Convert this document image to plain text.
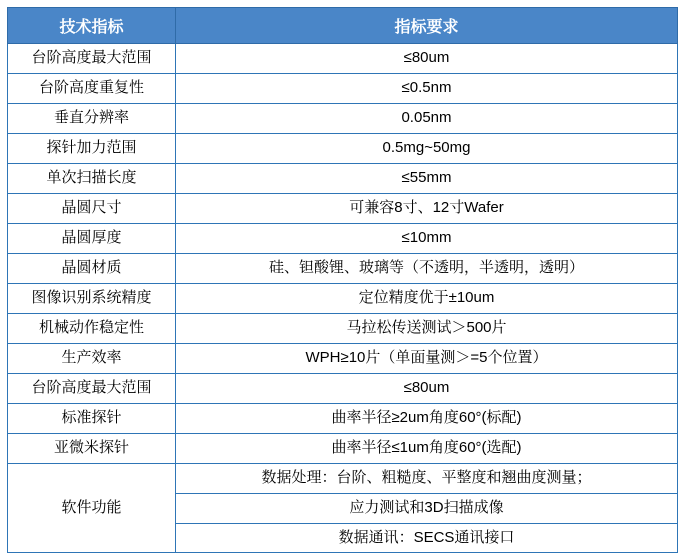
技术指标	指标要求
台阶高度最大范围	≤80um
台阶高度重复性	≤0.5nm
垂直分辨率	0.05nm
探针加力范围	0.5mg~50mg
单次扫描长度	≤55mm
晶圆尺寸	可兼容8寸、12寸Wafer
晶圆厚度	≤10mm
晶圆材质	硅、钽酸锂、玻璃等（不透明，半透明，透明）
图像识别系统精度	定位精度优于±10um
机械动作稳定性	马拉松传送测试＞500片
生产效率	WPH≥10片（单面量测＞=5个位置）
台阶高度最大范围	≤80um
标准探针	曲率半径≥2um角度60°(标配)
亚微米探针	曲率半径≤1um角度60°(选配)
软件功能	数据处理：台阶、粗糙度、平整度和翘曲度测量；
应力测试和3D扫描成像
数据通讯：SECS通讯接口
